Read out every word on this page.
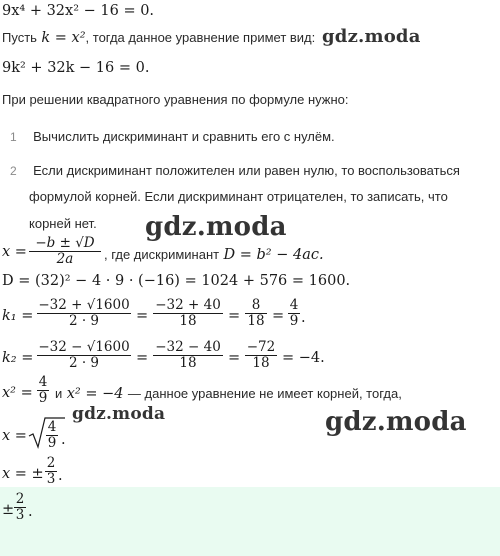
9x⁴ + 32x² − 16 = 0.
Пусть k = x², тогда данное уравнение примет вид: gdz.moda
9k² + 32k − 16 = 0.
При решении квадратного уравнения по формуле нужно:
1 Вычислить дискриминант и сравнить его с нулём.
2 Если дискриминант положителен или равен нулю, то воспользоваться
формулой корней. Если дискриминант отрицателен, то записать, что
корней нет. gdz.moda
x =
−b ± √D
2a	, где дискриминант D = b² − 4ac.
D = (32)² − 4 · 9 · (−16) = 1024 + 576 = 1600.
k₁ =
−32 + √1600
2 · 9	=
−32 + 40
18	=
8
18 =
4
9 .
k₂ =
−32 − √1600
2 · 9	=
−32 − 40
18	=
−72
18 = −4.
x² =
4
9 и x² = −4 — данное уравнение не имеет корней, тогда,
x =
4
9 .
gdz.moda	gdz.moda
x = ±
2
3 .
±
2
3 .
